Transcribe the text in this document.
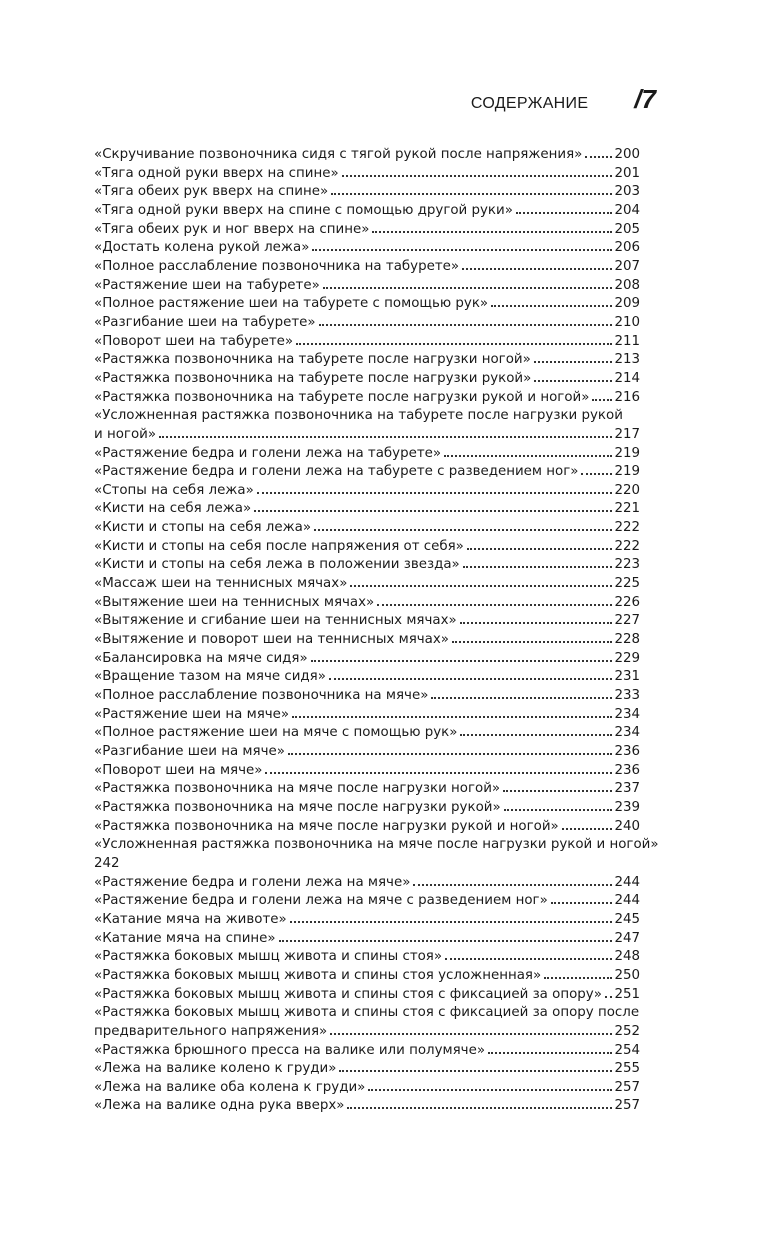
СОДЕРЖАНИЕ /7
«Скручивание позвоночника сидя с тягой рукой после напряжения» 200
«Тяга одной руки вверх на спине»	201
«Тяга обеих рук вверх на спине»	203
«Тяга одной руки вверх на спине с помощью другой руки»	204
«Тяга обеих рук и ног вверх на спине»	205
«Достать колена рукой лежа»	206
«Полное расслабление позвоночника на табурете»	207
«Растяжение шеи на табурете»	208
«Полное растяжение шеи на табурете с помощью рук»	209
«Разгибание шеи на табурете»	210
«Поворот шеи на табурете»	211
«Растяжка позвоночника на табурете после нагрузки ногой»	213
«Растяжка позвоночника на табурете после нагрузки рукой»	214
«Растяжка позвоночника на табурете после нагрузки рукой и ногой» 216
«Усложненная растяжка позвоночника на табурете после нагрузки рукой
и ногой»	217
«Растяжение бедра и голени лежа на табурете»	219
«Растяжение бедра и голени лежа на табурете с разведением ног»	219
«Стопы на себя лежа»	220
«Кисти на себя лежа»	221
«Кисти и стопы на себя лежа»	222
«Кисти и стопы на себя после напряжения от себя»	222
«Кисти и стопы на себя лежа в положении звезда»	223
«Массаж шеи на теннисных мячах»	225
«Вытяжение шеи на теннисных мячах»	226
«Вытяжение и сгибание шеи на теннисных мячах»	227
«Вытяжение и поворот шеи на теннисных мячах»	228
«Балансировка на мяче сидя»	229
«Вращение тазом на мяче сидя»	231
«Полное расслабление позвоночника на мяче»	233
«Растяжение шеи на мяче»	234
«Полное растяжение шеи на мяче с помощью рук»	234
«Разгибание шеи на мяче»	236
«Поворот шеи на мяче»	236
«Растяжка позвоночника на мяче после нагрузки ногой»	237
«Растяжка позвоночника на мяче после нагрузки рукой»	239
«Растяжка позвоночника на мяче после нагрузки рукой и ногой»	240
«Усложненная растяжка позвоночника на мяче после нагрузки рукой и ногой»
242
«Растяжение бедра и голени лежа на мяче»	244
«Растяжение бедра и голени лежа на мяче с разведением ног»	244
«Катание мяча на животе»	245
«Катание мяча на спине»	247
«Растяжка боковых мышц живота и спины стоя»	248
«Растяжка боковых мышц живота и спины стоя усложненная»	250
«Растяжка боковых мышц живота и спины стоя с фиксацией за опору» 251
«Растяжка боковых мышц живота и спины стоя с фиксацией за опору после
предварительного напряжения»	252
«Растяжка брюшного пресса на валике или полумяче»	254
«Лежа на валике колено к груди»	255
«Лежа на валике оба колена к груди»	257
«Лежа на валике одна рука вверх»	257
